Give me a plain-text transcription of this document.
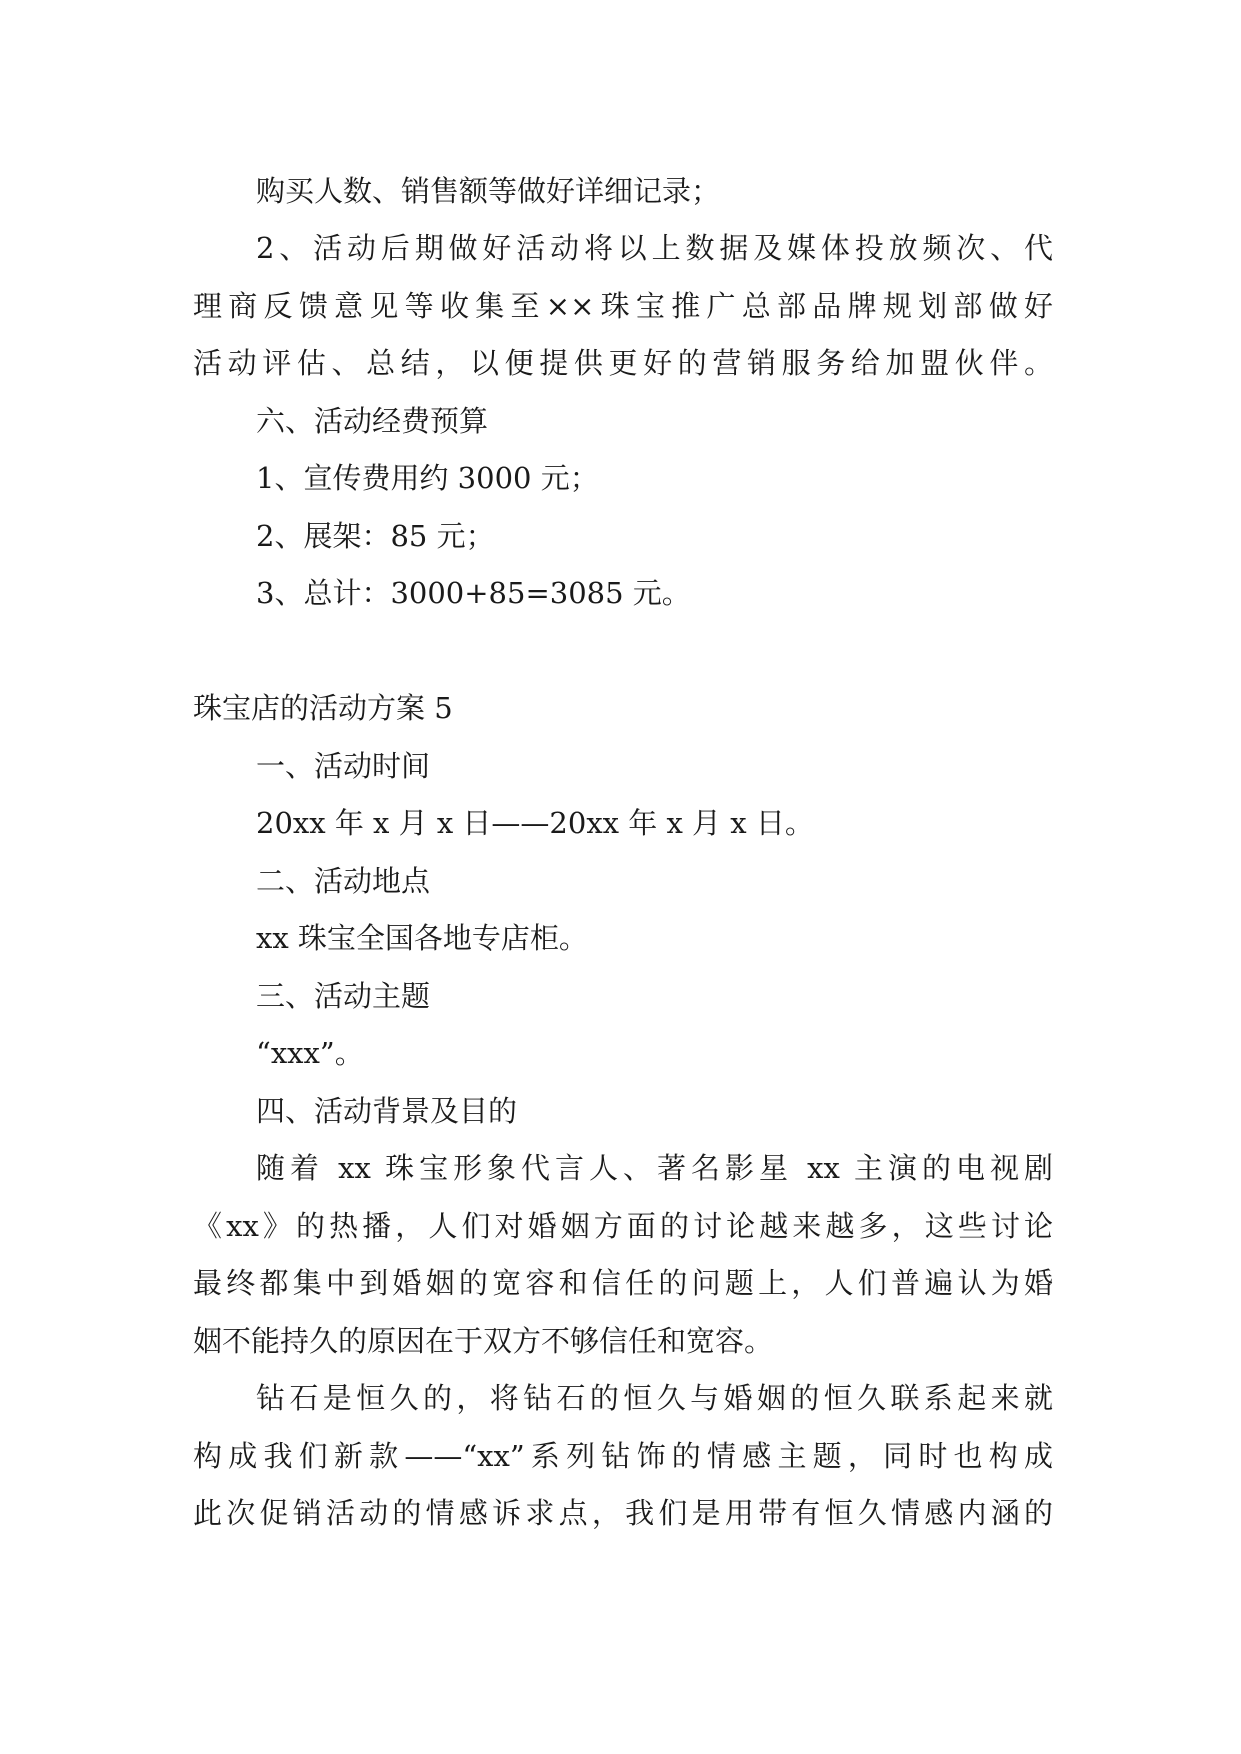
购买人数、销售额等做好详细记录；
2、活动后期做好活动将以上数据及媒体投放频次、代
理商反馈意见等收集至××珠宝推广总部品牌规划部做好
活动评估、总结，以便提供更好的营销服务给加盟伙伴。
六、活动经费预算
1、宣传费用约 3000 元；
2、展架：85 元；
3、总计：3000+85=3085 元。
珠宝店的活动方案 5
一、活动时间
20xx 年 x 月 x 日——20xx 年 x 月 x 日。
二、活动地点
xx 珠宝全国各地专店柜。
三、活动主题
“xxx”。
四、活动背景及目的
随着 xx 珠宝形象代言人、著名影星 xx 主演的电视剧
《xx》的热播，人们对婚姻方面的讨论越来越多，这些讨论
最终都集中到婚姻的宽容和信任的问题上，人们普遍认为婚
姻不能持久的原因在于双方不够信任和宽容。
钻石是恒久的，将钻石的恒久与婚姻的恒久联系起来就
构成我们新款——“xx”系列钻饰的情感主题，同时也构成
此次促销活动的情感诉求点，我们是用带有恒久情感内涵的
